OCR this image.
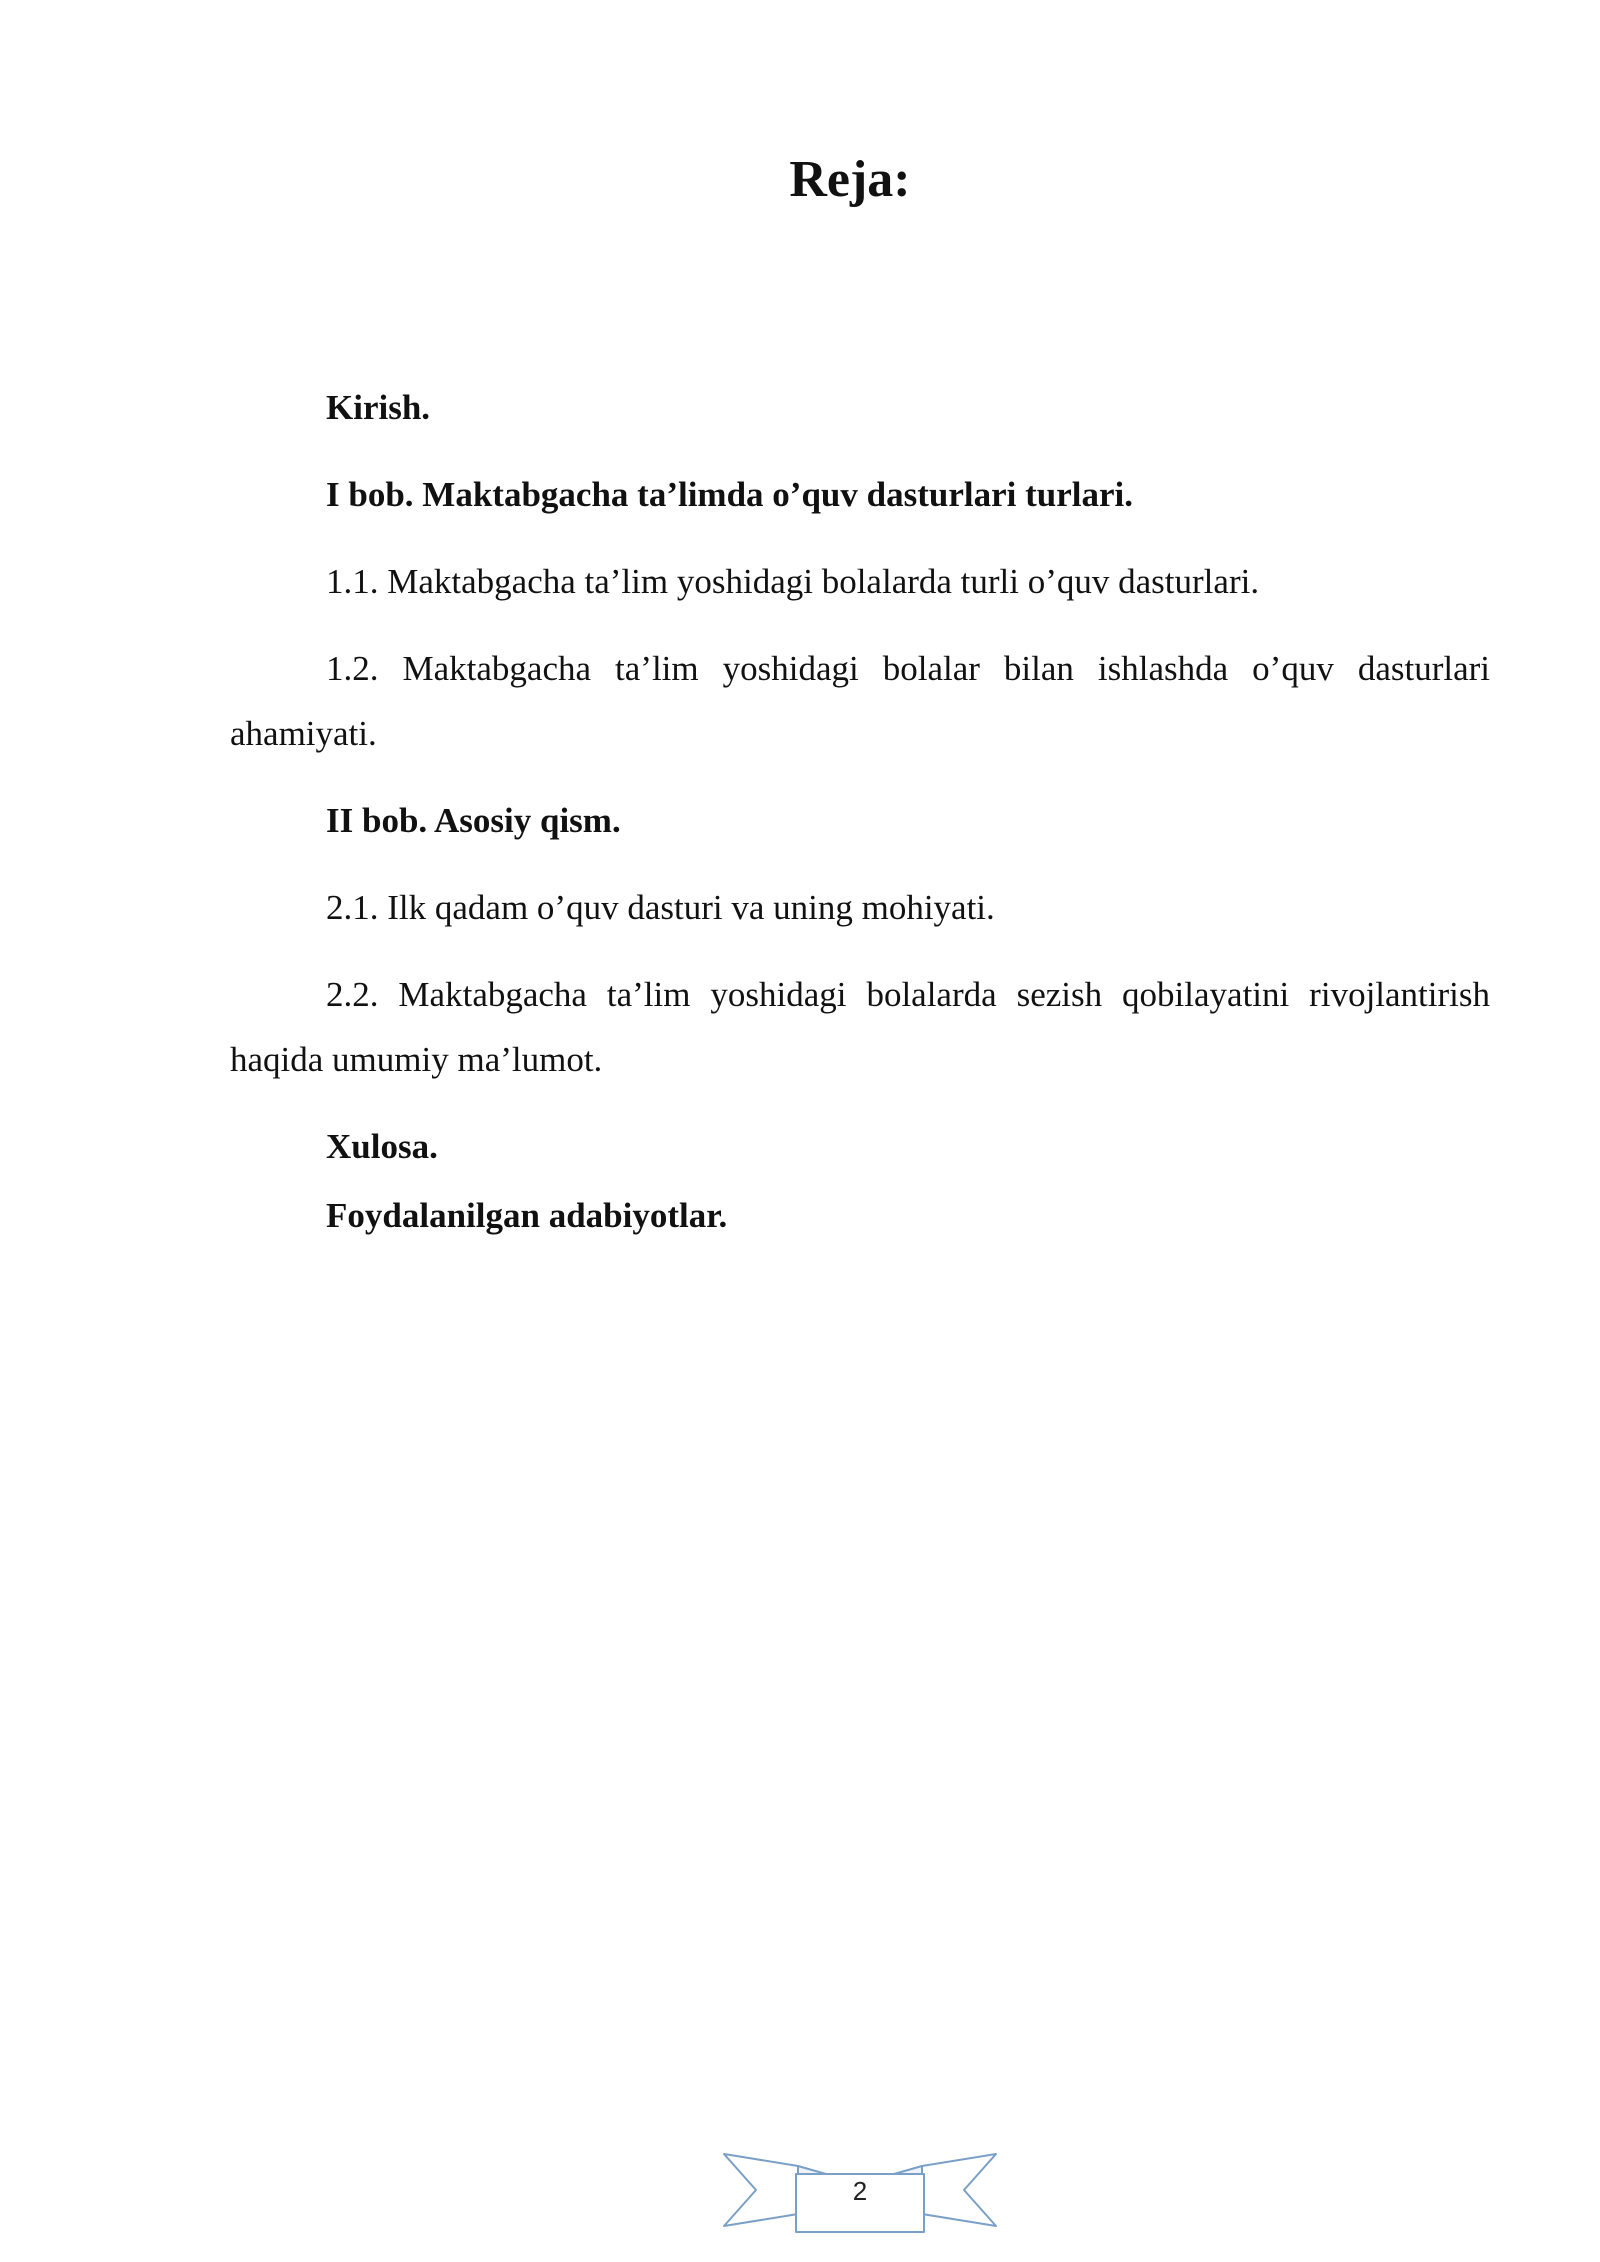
Reja:

Kirish.

I bob. Maktabgacha ta’limda o’quv dasturlari turlari.

1.1. Maktabgacha ta’lim yoshidagi bolalarda turli o’quv dasturlari.

1.2. Maktabgacha ta’lim yoshidagi bolalar bilan ishlashda o’quv dasturlari ahamiyati.

II bob. Asosiy qism.

2.1. Ilk qadam o’quv dasturi va uning mohiyati.

2.2. Maktabgacha ta’lim yoshidagi bolalarda sezish qobilayatini rivojlantirish haqida umumiy ma’lumot.

Xulosa.

Foydalanilgan adabiyotlar.

2
